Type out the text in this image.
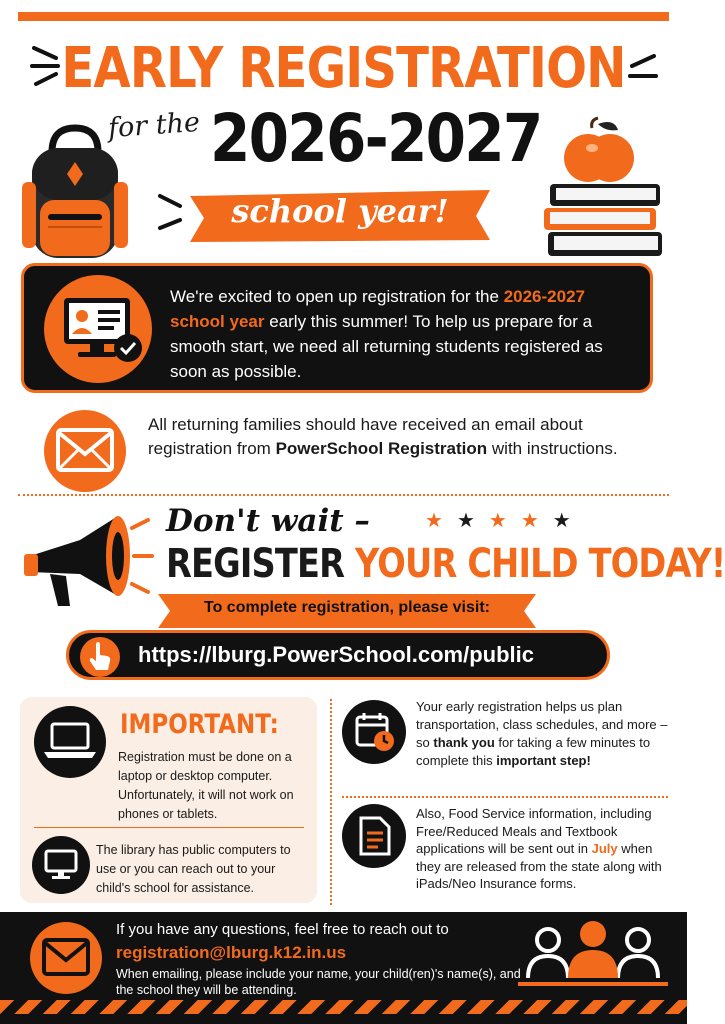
EARLY REGISTRATION
for the 2026-2027
school year!
We're excited to open up registration for the 2026-2027 school year early this summer! To help us prepare for a smooth start, we need all returning students registered as soon as possible.
All returning families should have received an email about registration from PowerSchool Registration with instructions.
Don't wait –	★★★★★
REGISTER YOUR CHILD TODAY!
To complete registration, please visit:
https://lburg.PowerSchool.com/public
IMPORTANT:
Registration must be done on a laptop or desktop computer. Unfortunately, it will not work on phones or tablets.
The library has public computers to use or you can reach out to your child's school for assistance.
Your early registration helps us plan transportation, class schedules, and more – so thank you for taking a few minutes to complete this important step!
Also, Food Service information, including Free/Reduced Meals and Textbook applications will be sent out in July when they are released from the state along with iPads/Neo Insurance forms.
If you have any questions, feel free to reach out to
registration@lburg.k12.in.us
When emailing, please include your name, your child(ren)'s name(s), and the school they will be attending.
